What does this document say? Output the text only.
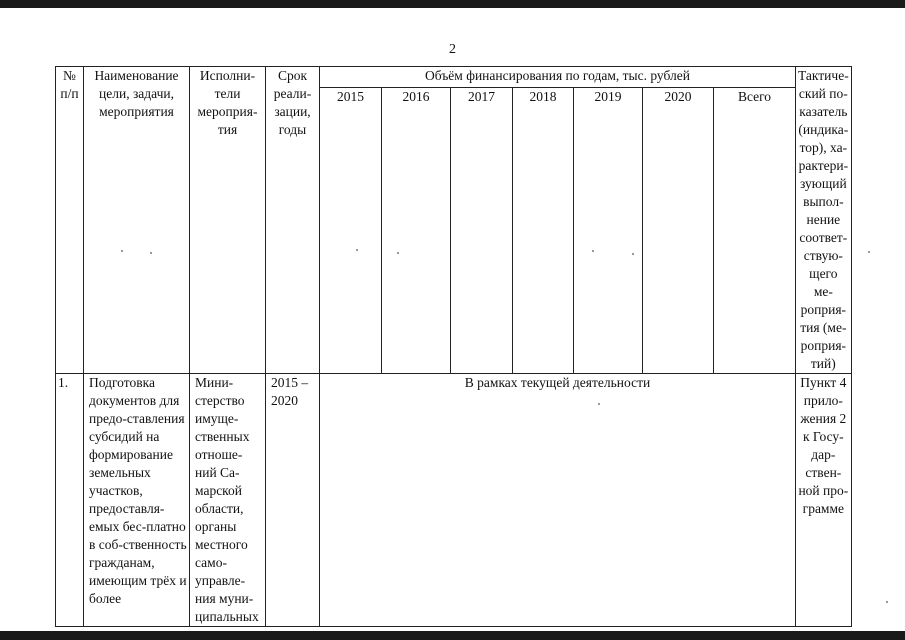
2
№ п/п	Наименование цели, задачи, мероприятия	Исполни-тели мероприя-тия	Срок реали-зации, годы	Объём финансирования по годам, тыс. рублей							Тактиче-ский по-казатель (индика-тор), ха-рактери-зующий выпол-нение соответ-ствую-щего ме-роприя-тия (ме-роприя-тий)
				2015	2016	2017	2018	2019	2020	Всего	
1.	Подготовка документов для предо-ставления субсидий на формирование земельных участков, предоставля-емых бес-платно в соб-ственность гражданам, имеющим трёх и более	Мини-стерство имуще-ственных отноше-ний Са-марской области, органы местного само-управле-ния муни-ципальных	2015 – 2020	В рамках текущей деятельности							Пункт 4 прило-жения 2 к Госу-дар-ствен-ной про-грамме
